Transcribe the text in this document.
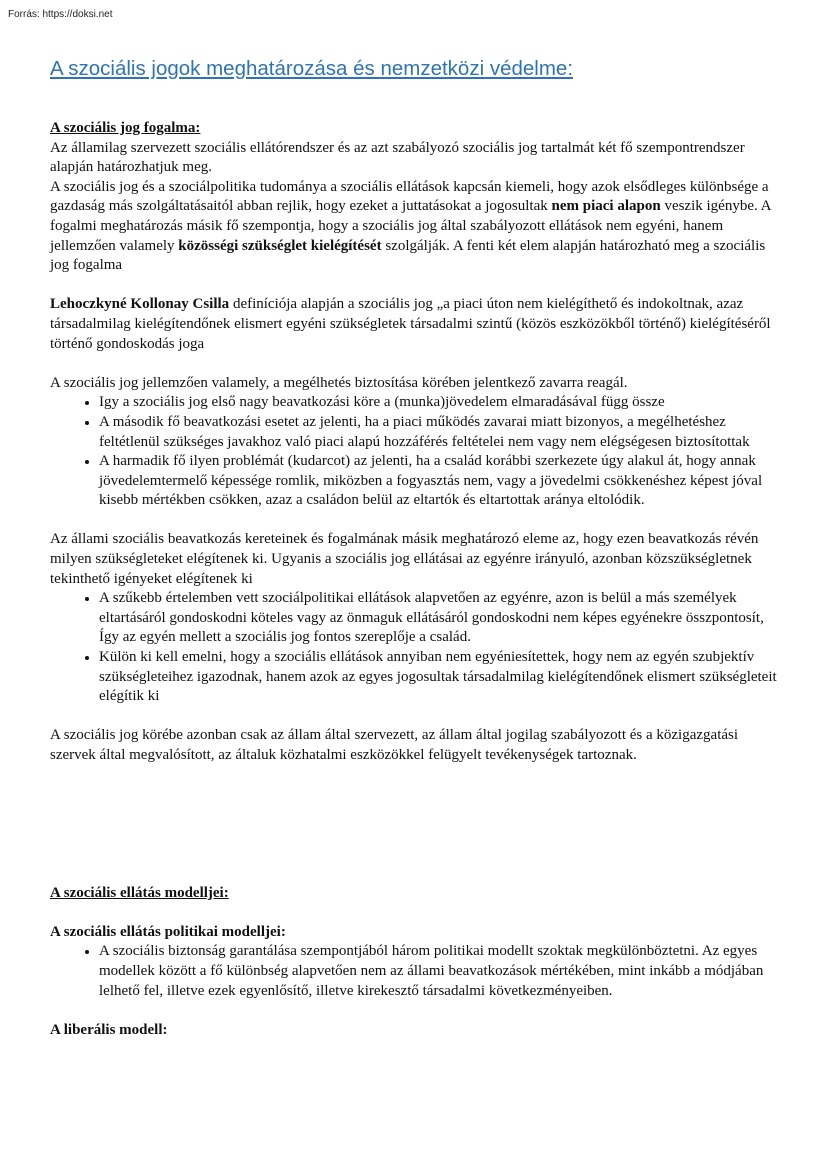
Forrás: https://doksi.net
A szociális jogok meghatározása és nemzetközi védelme:
A szociális jog fogalma:

Az államilag szervezett szociális ellátórendszer és az azt szabályozó szociális jog tartalmát két fő szempontrendszer alapján határozhatjuk meg.

A szociális jog és a szociálpolitika tudománya a szociális ellátások kapcsán kiemeli, hogy azok elsődleges különbsége a gazdaság más szolgáltatásaitól abban rejlik, hogy ezeket a juttatásokat a jogosultak nem piaci alapon veszik igénybe. A fogalmi meghatározás másik fő szempontja, hogy a szociális jog által szabályozott ellátások nem egyéni, hanem jellemzően valamely közösségi szükséglet kielégítését szolgálják. A fenti két elem alapján határozható meg a szociális jog fogalma

Lehoczkyné Kollonay Csilla definíciója alapján a szociális jog „a piaci úton nem kielégíthető és indokoltnak, azaz társadalmilag kielégítendőnek elismert egyéni szükségletek társadalmi szintű (közös eszközökből történő) kielégítéséről történő gondoskodás joga

A szociális jog jellemzően valamely, a megélhetés biztosítása körében jelentkező zavarra reagál.

• Igy a szociális jog első nagy beavatkozási köre a (munka)jövedelem elmaradásával függ össze
• A második fő beavatkozási esetet az jelenti, ha a piaci működés zavarai miatt bizonyos, a megélhetéshez feltétlenül szükséges javakhoz való piaci alapú hozzáférés feltételei nem vagy nem elégségesen biztosítottak
• A harmadik fő ilyen problémát (kudarcot) az jelenti, ha a család korábbi szerkezete úgy alakul át, hogy annak jövedelemtermelő képessége romlik, miközben a fogyasztás nem, vagy a jövedelmi csökkenéshez képest jóval kisebb mértékben csökken, azaz a családon belül az eltartók és eltartottak aránya eltolódik.

Az állami szociális beavatkozás kereteinek és fogalmának másik meghatározó eleme az, hogy ezen beavatkozás révén milyen szükségleteket elégítenek ki. Ugyanis a szociális jog ellátásai az egyénre irányuló, azonban közszükségletnek tekinthető igényeket elégítenek ki

• A szűkebb értelemben vett szociálpolitikai ellátások alapvetően az egyénre, azon is belül a más személyek eltartásáról gondoskodni köteles vagy az önmaguk ellátásáról gondoskodni nem képes egyénekre összpontosít, Így az egyén mellett a szociális jog fontos szereplője a család.
• Külön ki kell emelni, hogy a szociális ellátások annyiban nem egyéniesítettek, hogy nem az egyén szubjektív szükségleteihez igazodnak, hanem azok az egyes jogosultak társadalmilag kielégítendőnek elismert szükségleteit elégítik ki

A szociális jog körébe azonban csak az állam által szervezett, az állam által jogilag szabályozott és a közigazgatási szervek által megvalósított, az általuk közhatalmi eszközökkel felügyelt tevékenységek tartoznak.

A szociális ellátás modelljei:
A szociális ellátás politikai modelljei:
• A szociális biztonság garantálása szempontjából három politikai modellt szoktak megkülönböztetni. Az egyes modellek között a fő különbség alapvetően nem az állami beavatkozások mértékében, mint inkább a módjában lelhető fel, illetve ezek egyenlősítő, illetve kirekesztő társadalmi következményeiben.
A liberális modell:
